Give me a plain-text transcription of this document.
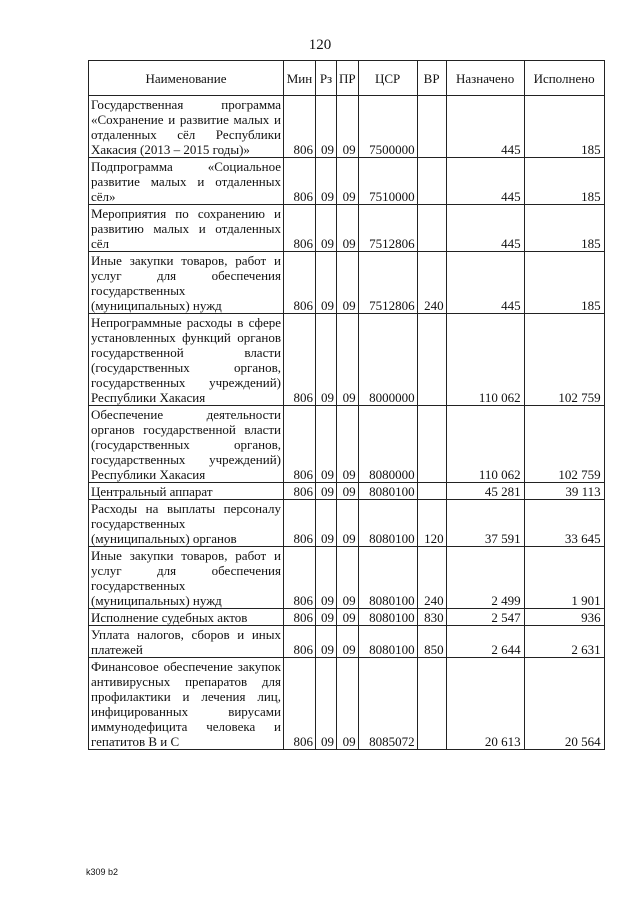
120
Наименование	Мин	Рз	ПР	ЦСР	ВР	Назначено	Исполнено
Государственная программа «Сохранение и развитие малых и отдаленных сёл Республики Хакасия (2013 – 2015 годы)»	806	09	09	7500000		445	185
Подпрограмма «Социальное развитие малых и отдаленных сёл»	806	09	09	7510000		445	185
Мероприятия по сохранению и развитию малых и отдаленных сёл	806	09	09	7512806		445	185
Иные закупки товаров, работ и услуг для обеспечения государственных (муниципальных) нужд	806	09	09	7512806	240	445	185
Непрограммные расходы в сфере установленных функций органов государственной власти (государственных органов, государственных учреждений) Республики Хакасия	806	09	09	8000000		110 062	102 759
Обеспечение деятельности органов государственной власти (государственных органов, государственных учреждений) Республики Хакасия	806	09	09	8080000		110 062	102 759
Центральный аппарат	806	09	09	8080100		45 281	39 113
Расходы на выплаты персоналу государственных (муниципальных) органов	806	09	09	8080100	120	37 591	33 645
Иные закупки товаров, работ и услуг для обеспечения государственных (муниципальных) нужд	806	09	09	8080100	240	2 499	1 901
Исполнение судебных актов	806	09	09	8080100	830	2 547	936
Уплата налогов, сборов и иных платежей	806	09	09	8080100	850	2 644	2 631
Финансовое обеспечение закупок антивирусных препаратов для профилактики и лечения лиц, инфицированных вирусами иммунодефицита человека и гепатитов В и С	806	09	09	8085072		20 613	20 564
k309 b2
